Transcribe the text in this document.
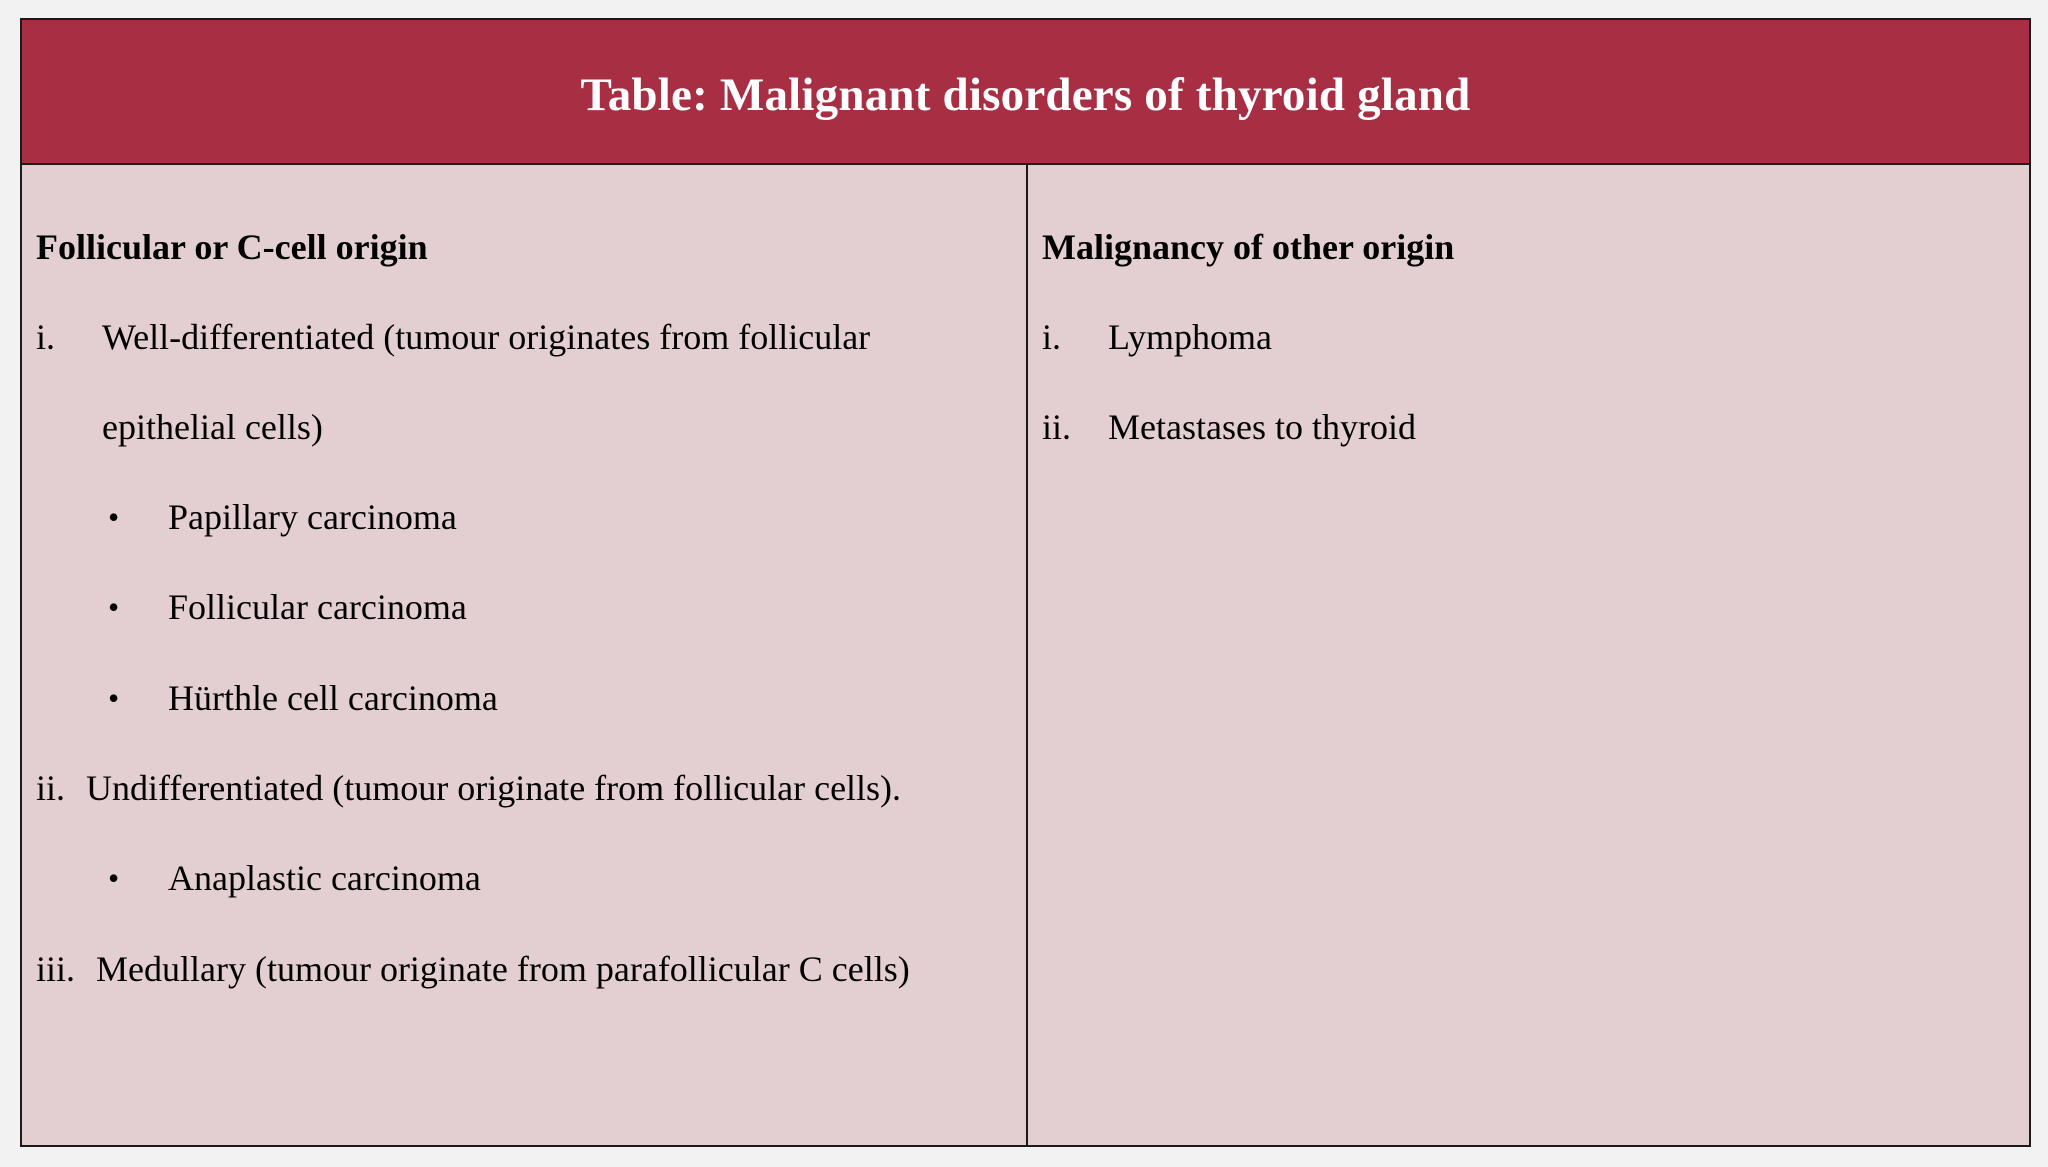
Table: Malignant disorders of thyroid gland
Follicular or C-cell origin
i. Well-differentiated (tumour originates from follicular
epithelial cells)
• Papillary carcinoma
• Follicular carcinoma
• Hürthle cell carcinoma
ii. Undifferentiated (tumour originate from follicular cells).
• Anaplastic carcinoma
iii. Medullary (tumour originate from parafollicular C cells)
Malignancy of other origin
i. Lymphoma
ii. Metastases to thyroid
